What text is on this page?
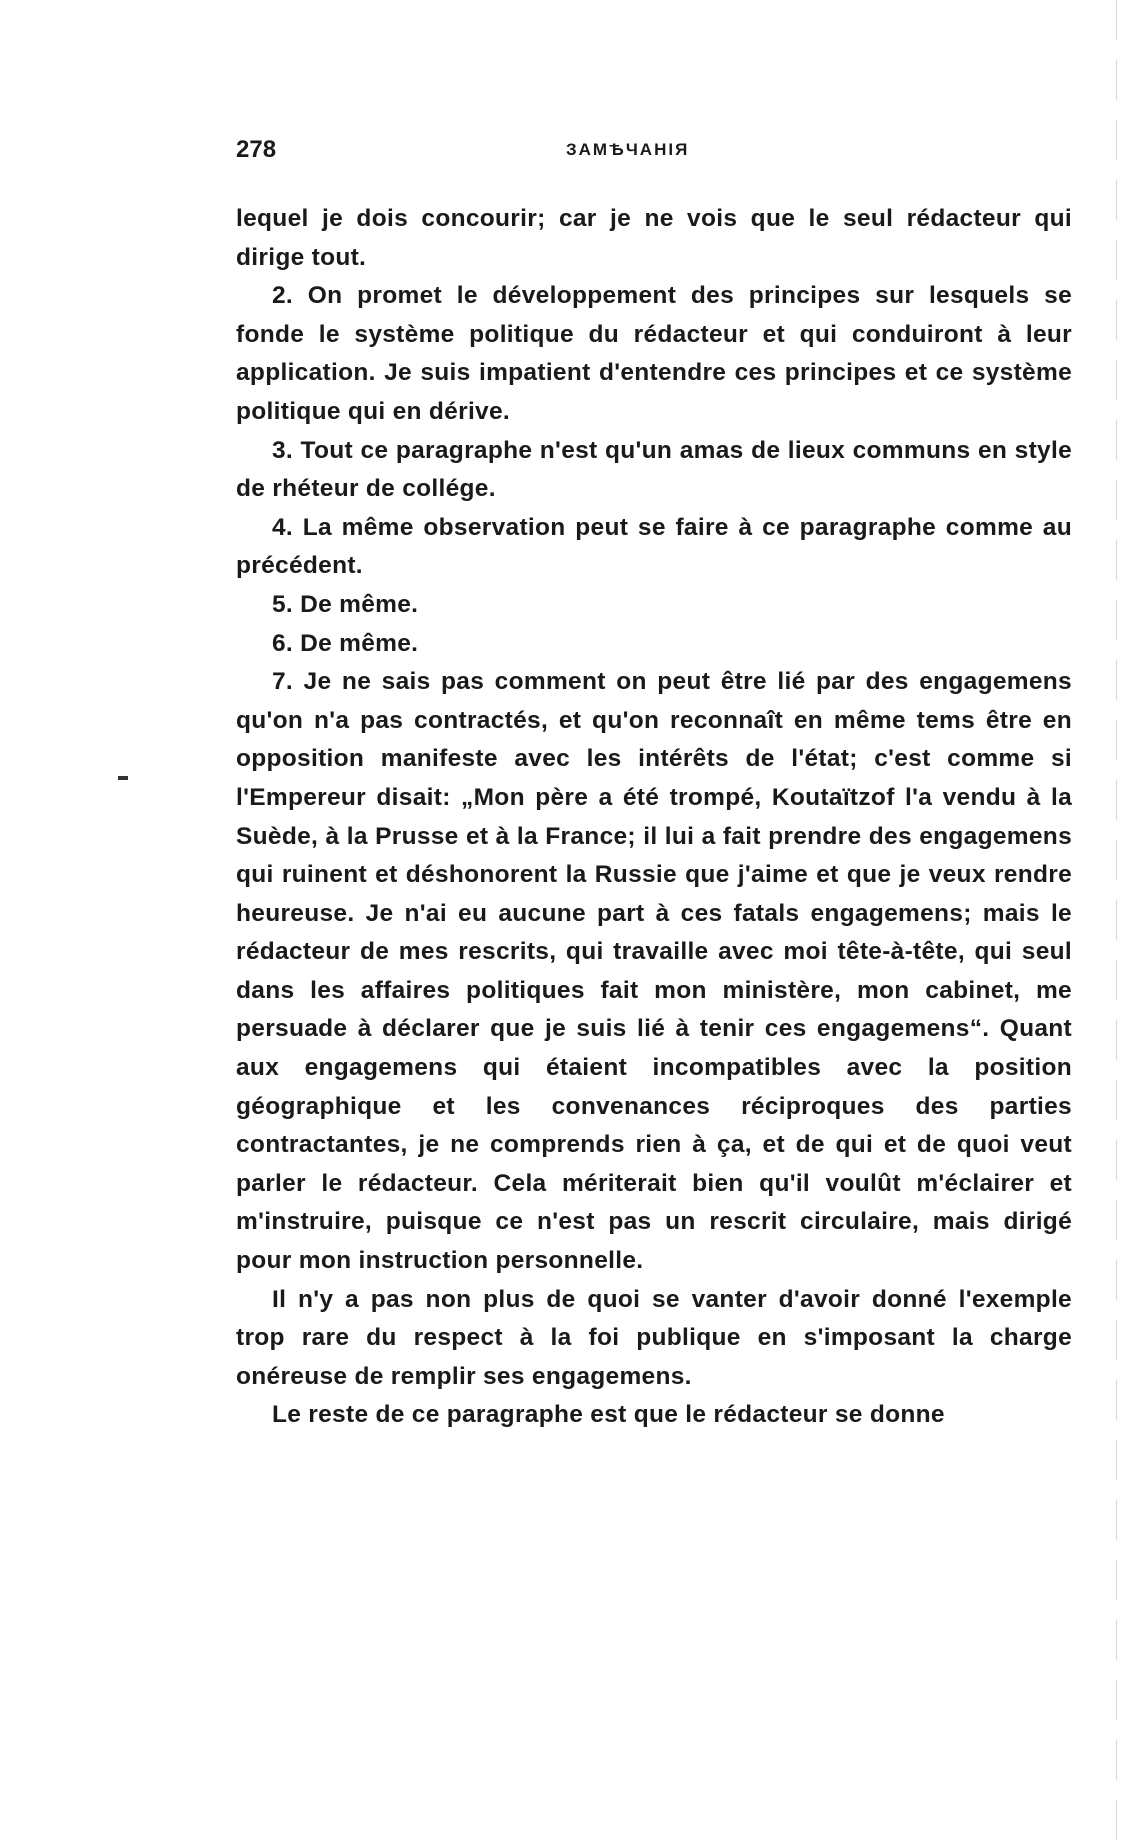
278	ЗАМѢЧАНІЯ

lequel je dois concourir; car je ne vois que le seul rédacteur qui dirige tout.

2. On promet le développement des principes sur lesquels se fonde le système politique du rédacteur et qui conduiront à leur application. Je suis impatient d'entendre ces principes et ce système politique qui en dérive.

3. Tout ce paragraphe n'est qu'un amas de lieux communs en style de rhéteur de collége.

4. La même observation peut se faire à ce paragraphe comme au précédent.

5. De même.

6. De même.

7. Je ne sais pas comment on peut être lié par des engagemens qu'on n'a pas contractés, et qu'on reconnaît en même tems être en opposition manifeste avec les intérêts de l'état; c'est comme si l'Empereur disait: „Mon père a été trompé, Koutaïtzof l'a vendu à la Suède, à la Prusse et à la France; il lui a fait prendre des engagemens qui ruinent et déshonorent la Russie que j'aime et que je veux rendre heureuse. Je n'ai eu aucune part à ces fatals engagemens; mais le rédacteur de mes rescrits, qui travaille avec moi tête-à-tête, qui seul dans les affaires politiques fait mon ministère, mon cabinet, me persuade à déclarer que je suis lié à tenir ces engagemens“. Quant aux engagemens qui étaient incompatibles avec la position géographique et les convenances réciproques des parties contractantes, je ne comprends rien à ça, et de qui et de quoi veut parler le rédacteur. Cela mériterait bien qu'il voulût m'éclairer et m'instruire, puisque ce n'est pas un rescrit circulaire, mais dirigé pour mon instruction personnelle.

Il n'y a pas non plus de quoi se vanter d'avoir donné l'exemple trop rare du respect à la foi publique en s'imposant la charge onéreuse de remplir ses engagemens.

Le reste de ce paragraphe est que le rédacteur se donne
